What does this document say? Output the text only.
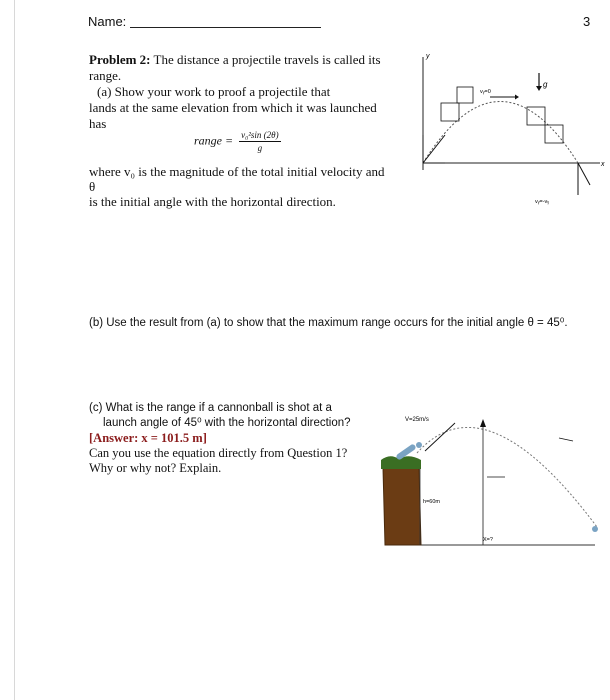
Name:	3
Problem 2: The distance a projectile travels is called its range.
(a) Show your work to proof a projectile that
lands at the same elevation from which it was launched
has
range = $\frac{\text{v₀²sin (2θ)}}{g}$
where v₀ is the magnitude of the total initial velocity and θ
is the initial angle with the horizontal direction.
y
x
g
vᵧ=0
vᵧ=-vᵧ
(b) Use the result from (a) to show that the maximum range occurs for the initial angle θ = 45⁰.
(c) What is the range if a cannonball is shot at a
launch angle of 45⁰ with the horizontal direction?
[Answer: x = 101.5 m]
Can you use the equation directly from Question 1?
Why or why not? Explain.
V=25m/s
h=60m
X=?
